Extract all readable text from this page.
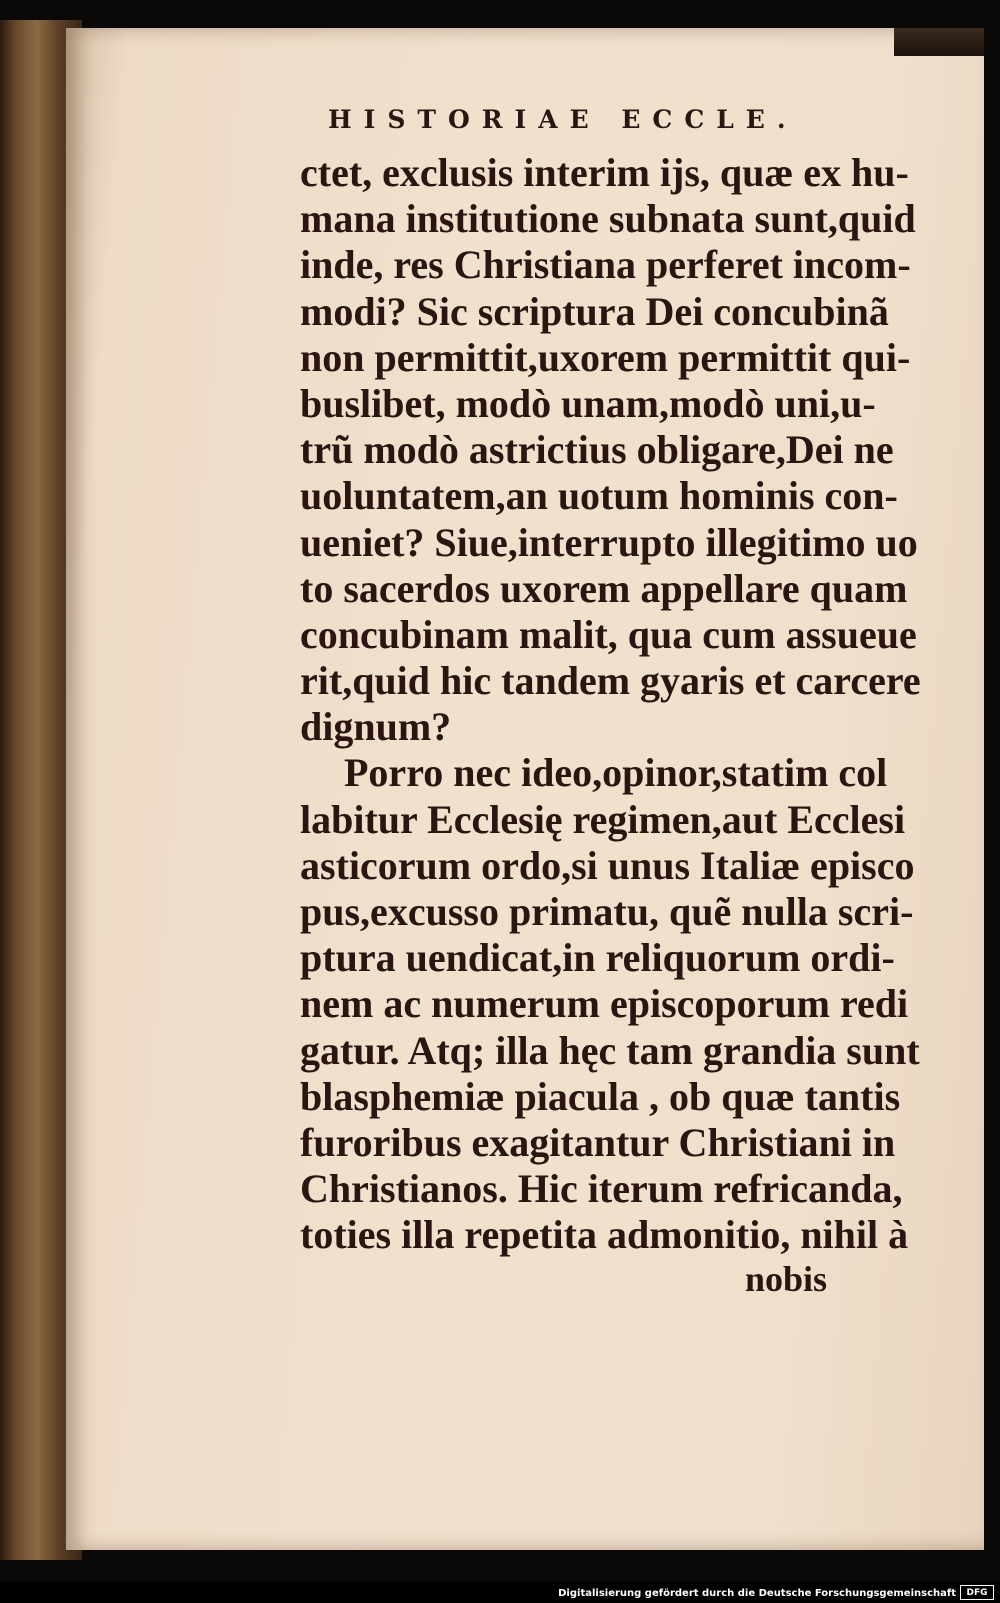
HISTORIAE ECCLE.
ctet, exclusis interim ijs, quæ ex hu-
mana institutione subnata sunt,quid
inde, res Christiana perferet incom-
modi? Sic scriptura Dei concubinã
non permittit,uxorem permittit qui-
buslibet, modò unam,modò uni,u-
trũ modò astrictius obligare,Dei ne
uoluntatem,an uotum hominis con-
ueniet? Siue,interrupto illegitimo uo
to sacerdos uxorem appellare quam
concubinam malit, qua cum assueue
rit,quid hic tandem gyaris et carcere
dignum?
Porro nec ideo,opinor,statim col
labitur Ecclesię regimen,aut Ecclesi
asticorum ordo,si unus Italiæ episco
pus,excusso primatu, quẽ nulla scri-
ptura uendicat,in reliquorum ordi-
nem ac numerum episcoporum redi
gatur. Atq; illa hęc tam grandia sunt
blasphemiæ piacula , ob quæ tantis
furoribus exagitantur Christiani in
Christianos. Hic iterum refricanda,
toties illa repetita admonitio, nihil à
nobis
Digitalisierung gefördert durch die Deutsche Forschungsgemeinschaft	DFG
